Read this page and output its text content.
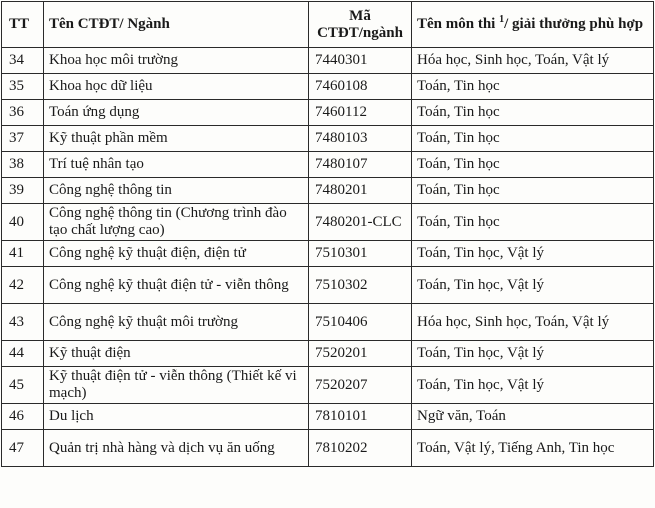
TT	Tên CTĐT/ Ngành	Mã CTĐT/ngành	Tên môn thi $^1$/ giải thưởng phù hợp
34	Khoa học môi trường	7440301	Hóa học, Sinh học, Toán, Vật lý
35	Khoa học dữ liệu	7460108	Toán, Tin học
36	Toán ứng dụng	7460112	Toán, Tin học
37	Kỹ thuật phần mềm	7480103	Toán, Tin học
38	Trí tuệ nhân tạo	7480107	Toán, Tin học
39	Công nghệ thông tin	7480201	Toán, Tin học
40	Công nghệ thông tin (Chương trình đào tạo chất lượng cao)	7480201-CLC	Toán, Tin học
41	Công nghệ kỹ thuật điện, điện tử	7510301	Toán, Tin học, Vật lý
42	Công nghệ kỹ thuật điện tử - viễn thông	7510302	Toán, Tin học, Vật lý
43	Công nghệ kỹ thuật môi trường	7510406	Hóa học, Sinh học, Toán, Vật lý
44	Kỹ thuật điện	7520201	Toán, Tin học, Vật lý
45	Kỹ thuật điện tử - viễn thông (Thiết kế vi mạch)	7520207	Toán, Tin học, Vật lý
46	Du lịch	7810101	Ngữ văn, Toán
47	Quản trị nhà hàng và dịch vụ ăn uống	7810202	Toán, Vật lý, Tiếng Anh, Tin học
